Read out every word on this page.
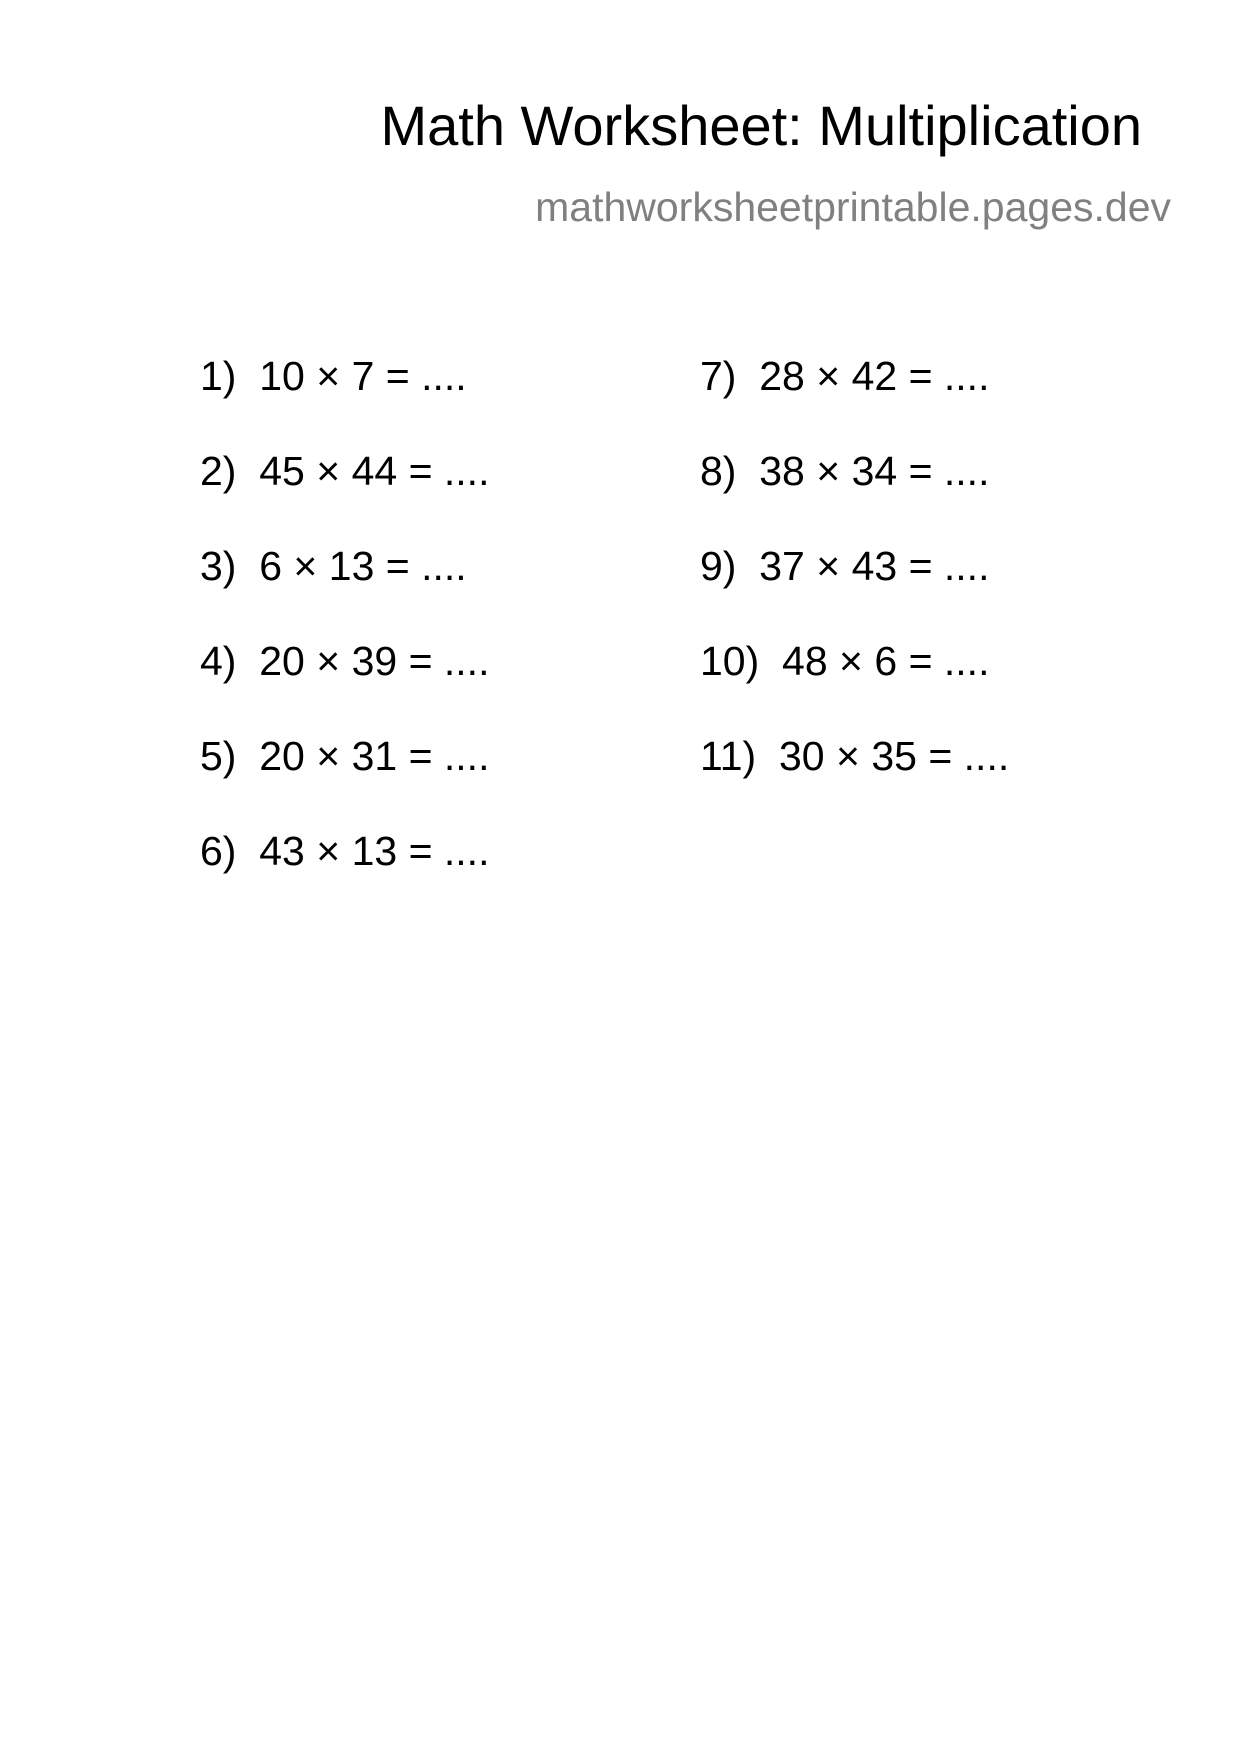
Math Worksheet: Multiplication
mathworksheetprintable.pages.dev
1)  10 × 7 = ....
2)  45 × 44 = ....
3)  6 × 13 = ....
4)  20 × 39 = ....
5)  20 × 31 = ....
6)  43 × 13 = ....
7)  28 × 42 = ....
8)  38 × 34 = ....
9)  37 × 43 = ....
10)  48 × 6 = ....
11)  30 × 35 = ....
